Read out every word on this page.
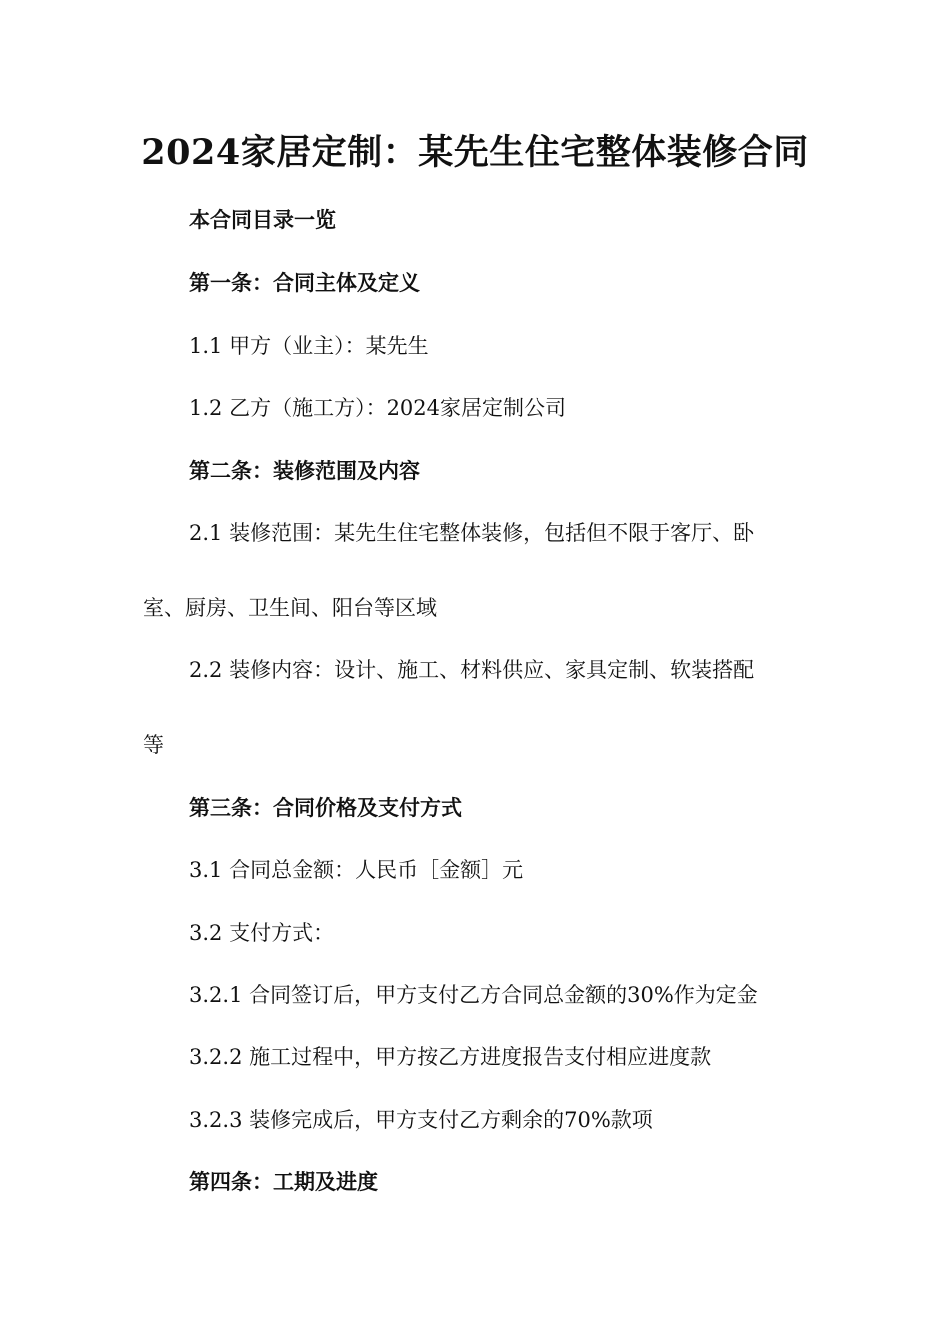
2024家居定制：某先生住宅整体装修合同
本合同目录一览
第一条：合同主体及定义
1.1 甲方（业主）：某先生
1.2 乙方（施工方）：2024家居定制公司
第二条：装修范围及内容
2.1 装修范围：某先生住宅整体装修，包括但不限于客厅、卧
室、厨房、卫生间、阳台等区域
2.2 装修内容：设计、施工、材料供应、家具定制、软装搭配
等
第三条：合同价格及支付方式
3.1 合同总金额：人民币［金额］元
3.2 支付方式：
3.2.1 合同签订后，甲方支付乙方合同总金额的30%作为定金
3.2.2 施工过程中，甲方按乙方进度报告支付相应进度款
3.2.3 装修完成后，甲方支付乙方剩余的70%款项
第四条：工期及进度
